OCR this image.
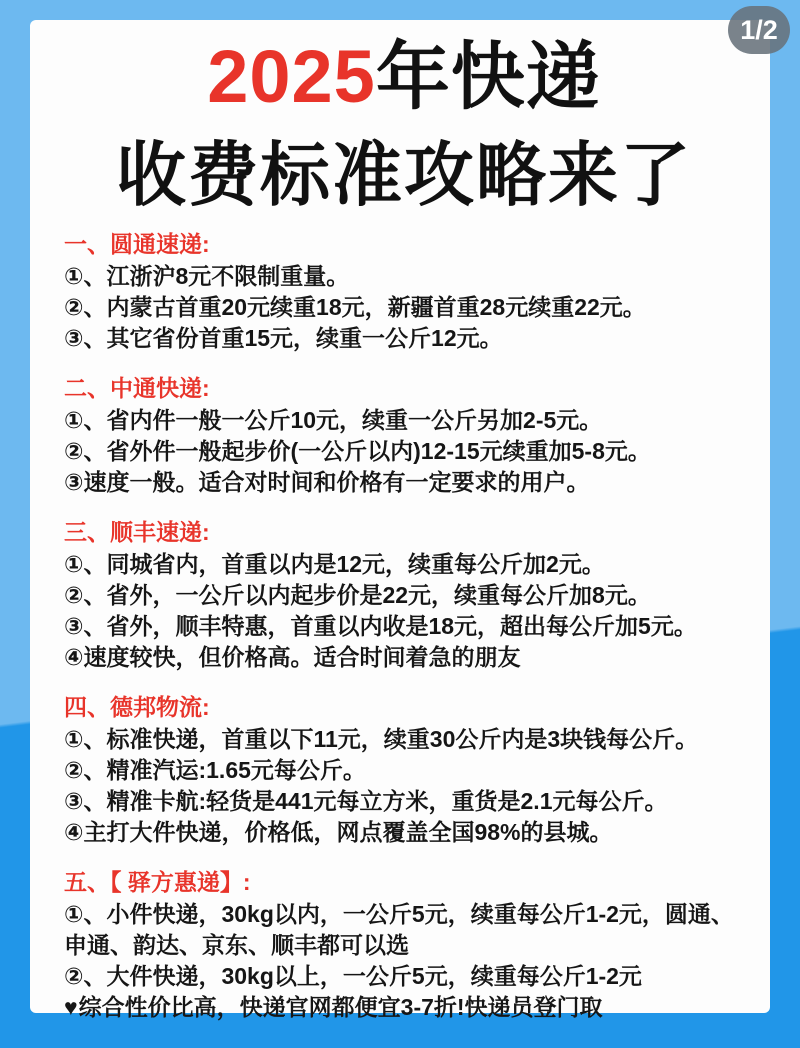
1/2
2025年快递
收费标准攻略来了
一、圆通速递:
①、江浙沪8元不限制重量。
②、内蒙古首重20元续重18元，新疆首重28元续重22元。
③、其它省份首重15元，续重一公斤12元。
二、中通快递:
①、省内件一般一公斤10元，续重一公斤另加2-5元。
②、省外件一般起步价(一公斤以内)12-15元续重加5-8元。
③速度一般。适合对时间和价格有一定要求的用户。
三、顺丰速递:
①、同城省内，首重以内是12元，续重每公斤加2元。
②、省外，一公斤以内起步价是22元，续重每公斤加8元。
③、省外，顺丰特惠，首重以内收是18元，超出每公斤加5元。
④速度较快，但价格高。适合时间着急的朋友
四、德邦物流:
①、标准快递，首重以下11元，续重30公斤内是3块钱每公斤。
②、精准汽运:1.65元每公斤。
③、精准卡航:轻货是441元每立方米，重货是2.1元每公斤。
④主打大件快递，价格低，网点覆盖全国98%的县城。
五、【 驿方惠递】:
①、小件快递，30kg以内，一公斤5元，续重每公斤1-2元，圆通、申通、韵达、京东、顺丰都可以选
②、大件快递，30kg以上，一公斤5元，续重每公斤1-2元
♥综合性价比高，快递官网都便宜3-7折!快递员登门取
